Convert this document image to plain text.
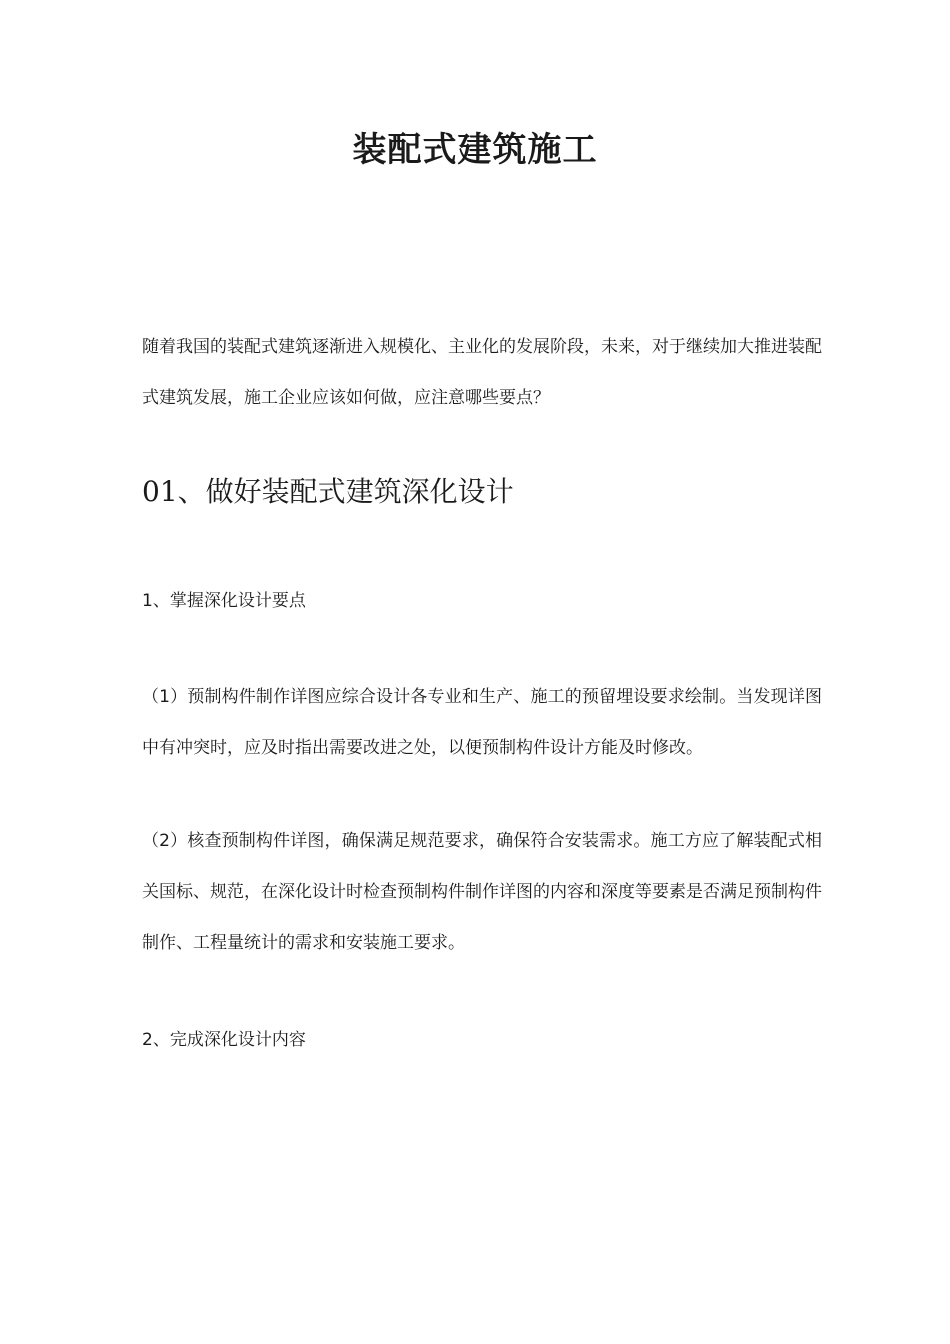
装配式建筑施工

随着我国的装配式建筑逐渐进入规模化、主业化的发展阶段，未来，对于继续加大推进装配式建筑发展，施工企业应该如何做，应注意哪些要点？

01、做好装配式建筑深化设计
1、掌握深化设计要点

（1）预制构件制作详图应综合设计各专业和生产、施工的预留埋设要求绘制。当发现详图中有冲突时，应及时指出需要改进之处，以便预制构件设计方能及时修改。

（2）核查预制构件详图，确保满足规范要求，确保符合安装需求。施工方应了解装配式相关国标、规范，在深化设计时检查预制构件制作详图的内容和深度等要素是否满足预制构件制作、工程量统计的需求和安装施工要求。

2、完成深化设计内容
